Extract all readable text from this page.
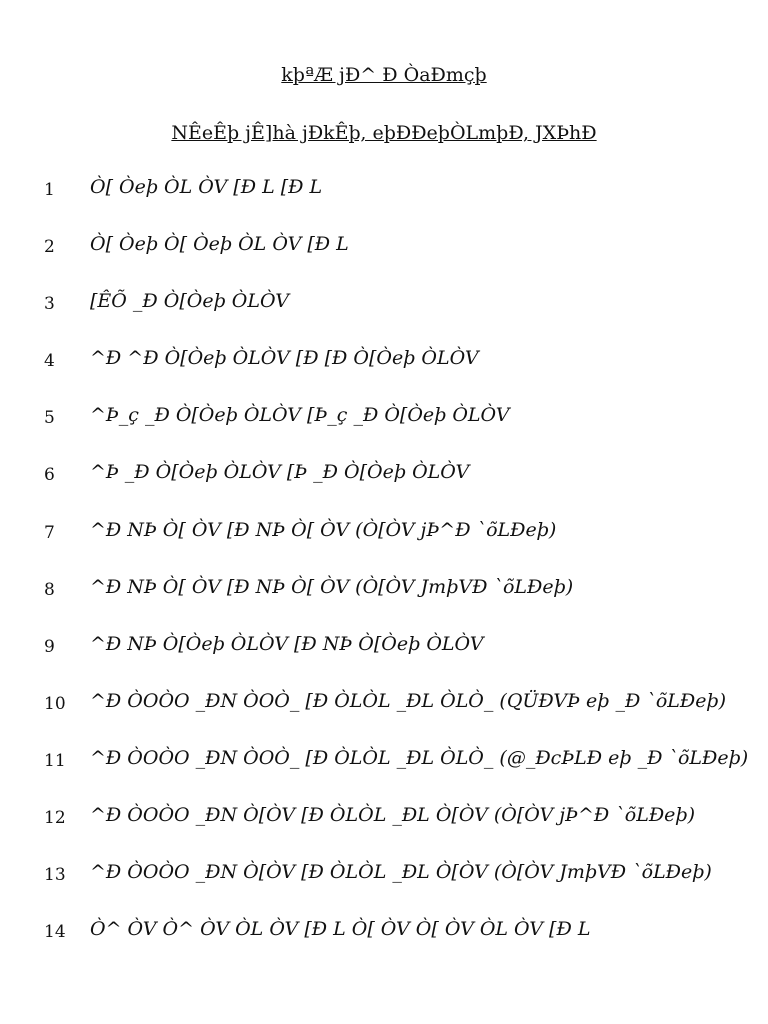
kþªÆ jÐ^ Ð ÒaÐmçþ
NÊeÊþ jÊ]hà jÐkÊþ, eþÐÐeþÒLmþÐ, JXÞhÐ
1 Ò[ Òeþ ÒL ÒV [Ð L [Ð L
2 Ò[ Òeþ Ò[ Òeþ ÒL ÒV [Ð L
3 [ÊÕ _Ð Ò[Òeþ ÒLÒV
4 ^Ð ^Ð Ò[Òeþ ÒLÒV [Ð [Ð Ò[Òeþ ÒLÒV
5 ^Þ_ç _Ð Ò[Òeþ ÒLÒV [Þ_ç _Ð Ò[Òeþ ÒLÒV
6 ^Þ _Ð Ò[Òeþ ÒLÒV [Þ _Ð Ò[Òeþ ÒLÒV
7 ^Ð NÞ Ò[ ÒV [Ð NÞ Ò[ ÒV (Ò[ÒV jÞ^Ð `õLÐeþ)
8 ^Ð NÞ Ò[ ÒV [Ð NÞ Ò[ ÒV (Ò[ÒV JmþVÐ `õLÐeþ)
9 ^Ð NÞ Ò[Òeþ ÒLÒV [Ð NÞ Ò[Òeþ ÒLÒV
10 ^Ð ÒOÒO _ÐN ÒOÒ_ [Ð ÒLÒL _ÐL ÒLÒ_ (QÜÐVÞ eþ _Ð `õLÐeþ)
11 ^Ð ÒOÒO _ÐN ÒOÒ_ [Ð ÒLÒL _ÐL ÒLÒ_ (@_ÐcÞLÐ eþ _Ð `õLÐeþ)
12 ^Ð ÒOÒO _ÐN Ò[ÒV [Ð ÒLÒL _ÐL Ò[ÒV (Ò[ÒV jÞ^Ð `õLÐeþ)
13 ^Ð ÒOÒO _ÐN Ò[ÒV [Ð ÒLÒL _ÐL Ò[ÒV (Ò[ÒV JmþVÐ `õLÐeþ)
14 Ò^ ÒV Ò^ ÒV ÒL ÒV [Ð L Ò[ ÒV Ò[ ÒV ÒL ÒV [Ð L
